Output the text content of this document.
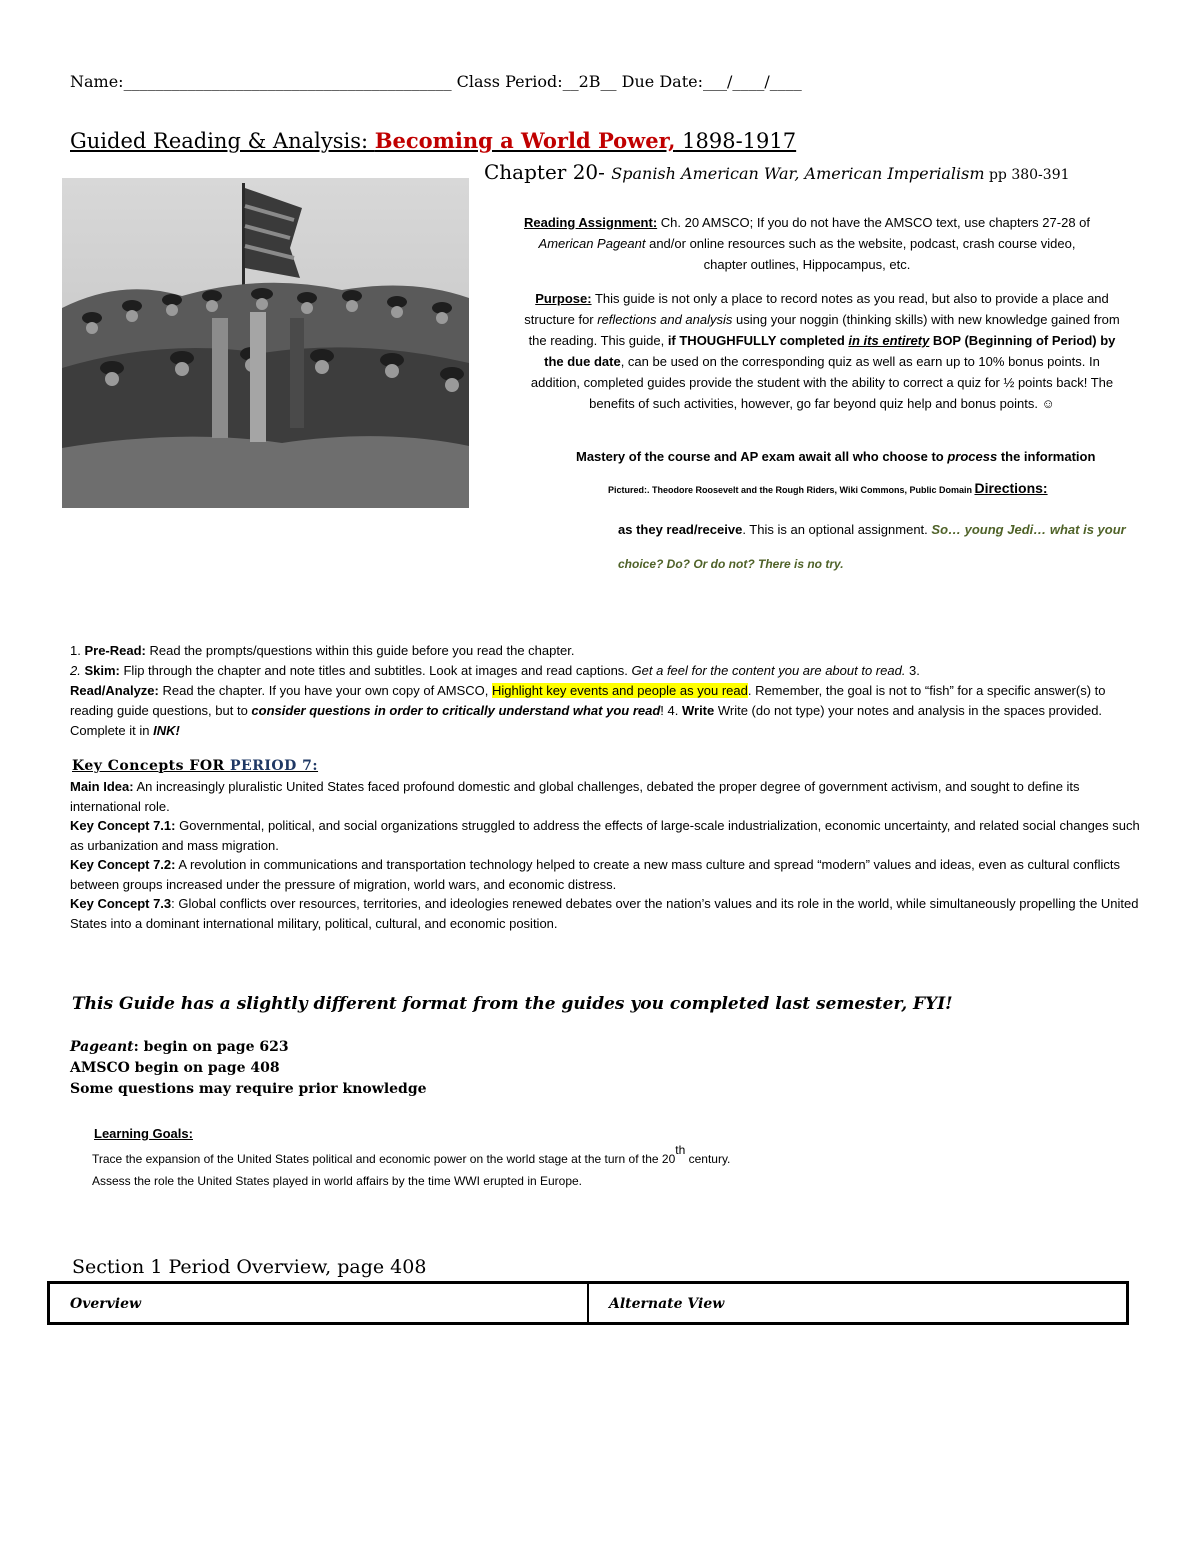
Name:_________________________________________ Class Period:__2B__ Due Date:___/____/____
Guided Reading & Analysis: Becoming a World Power, 1898-1917
Chapter 20- Spanish American War, American Imperialism pp 380-391
Reading Assignment: Ch. 20 AMSCO; If you do not have the AMSCO text, use chapters 27-28 of American Pageant and/or online resources such as the website, podcast, crash course video, chapter outlines, Hippocampus, etc.
Purpose: This guide is not only a place to record notes as you read, but also to provide a place and structure for reflections and analysis using your noggin (thinking skills) with new knowledge gained from the reading. This guide, if THOUGHFULLY completed in its entirety BOP (Beginning of Period) by the due date, can be used on the corresponding quiz as well as earn up to 10% bonus points. In addition, completed guides provide the student with the ability to correct a quiz for ½ points back! The benefits of such activities, however, go far beyond quiz help and bonus points. ☺
Mastery of the course and AP exam await all who choose to process the information
Pictured:. Theodore Roosevelt and the Rough Riders, Wiki Commons, Public Domain Directions:
as they read/receive. This is an optional assignment. So… young Jedi… what is your
choice? Do? Or do not? There is no try.
1. Pre-Read: Read the prompts/questions within this guide before you read the chapter.
2. Skim: Flip through the chapter and note titles and subtitles. Look at images and read captions. Get a feel for the content you are about to read. 3.
Read/Analyze: Read the chapter. If you have your own copy of AMSCO, Highlight key events and people as you read. Remember, the goal is not to “fish” for a specific answer(s) to reading guide questions, but to consider questions in order to critically understand what you read! 4. Write Write (do not type) your notes and analysis in the spaces provided. Complete it in INK!
Key Concepts FOR PERIOD 7:
Main Idea: An increasingly pluralistic United States faced profound domestic and global challenges, debated the proper degree of government activism, and sought to define its international role.
Key Concept 7.1: Governmental, political, and social organizations struggled to address the effects of large-scale industrialization, economic uncertainty, and related social changes such as urbanization and mass migration.
Key Concept 7.2: A revolution in communications and transportation technology helped to create a new mass culture and spread “modern” values and ideas, even as cultural conflicts between groups increased under the pressure of migration, world wars, and economic distress.
Key Concept 7.3: Global conflicts over resources, territories, and ideologies renewed debates over the nation’s values and its role in the world, while simultaneously propelling the United States into a dominant international military, political, cultural, and economic position.
This Guide has a slightly different format from the guides you completed last semester, FYI!
Pageant: begin on page 623
AMSCO begin on page 408
Some questions may require prior knowledge
Learning Goals:
Trace the expansion of the United States political and economic power on the world stage at the turn of the 20th century.
Assess the role the United States played in world affairs by the time WWI erupted in Europe.
Section 1 Period Overview, page 408
Overview	Alternate View
